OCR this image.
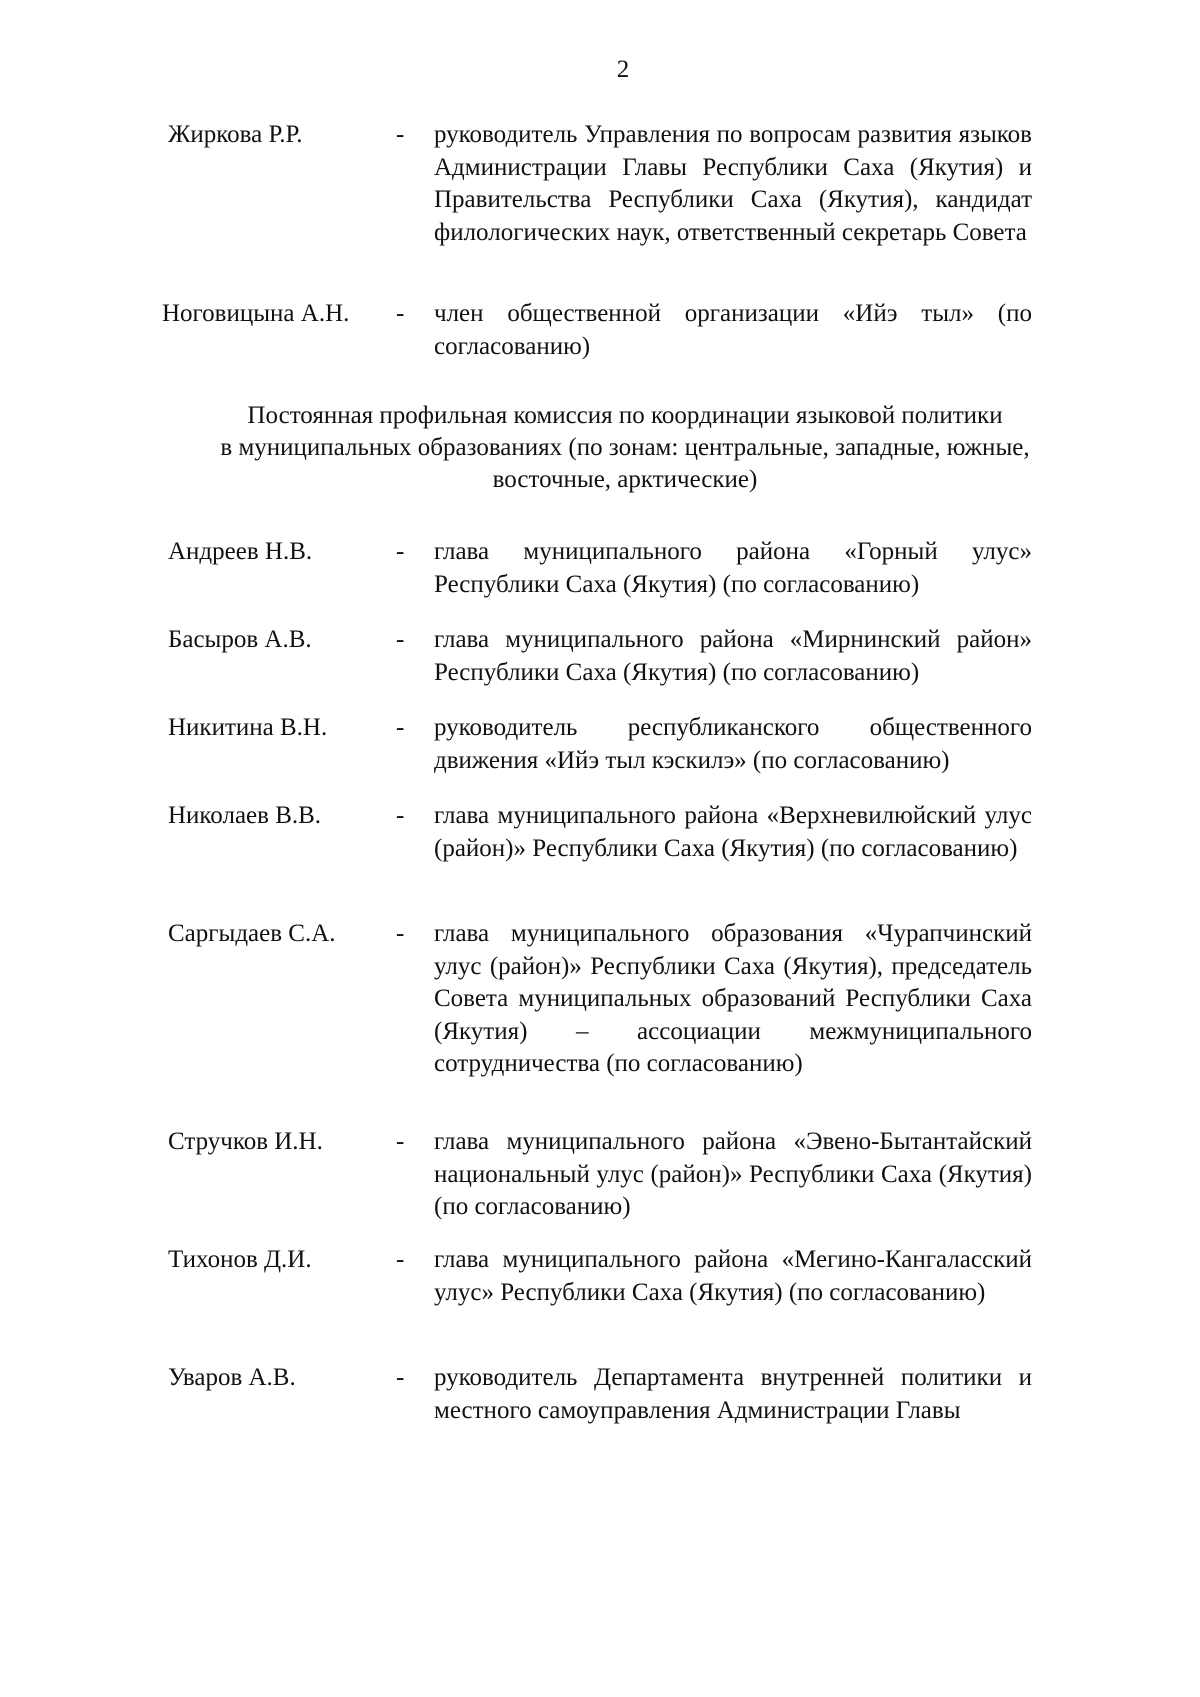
2
Жиркова Р.Р.	- руководитель Управления по вопросам развития языков Администрации Главы Республики Саха (Якутия) и Правительства Республики Саха (Якутия), кандидат филологических наук, ответственный секретарь Совета

Ноговицына А.Н. - член общественной организации «Ийэ тыл» (по согласованию)

Постоянная профильная комиссия по координации языковой политики
в муниципальных образованиях (по зонам: центральные, западные, южные,
восточные, арктические)
Андреев Н.В.	- глава муниципального района «Горный улус» Республики Саха (Якутия) (по согласованию)

Басыров А.В.	- глава муниципального района «Мирнинский район» Республики Саха (Якутия) (по согласованию)

Никитина В.Н.	- руководитель республиканского общественного движения «Ийэ тыл кэскилэ» (по согласованию)

Николаев В.В.	- глава муниципального района «Верхневилюйский улус (район)» Республики Саха (Якутия) (по согласованию)

Саргыдаев С.А. - глава муниципального образования «Чурапчинский улус (район)» Республики Саха (Якутия), председатель Совета муниципальных образований Республики Саха (Якутия) – ассоциации межмуниципального сотрудничества (по согласованию)

Стручков И.Н.	- глава муниципального района «Эвено-Бытантайский национальный улус (район)» Республики Саха (Якутия) (по согласованию)

Тихонов Д.И.	- глава муниципального района «Мегино-Кангаласский улус» Республики Саха (Якутия) (по согласованию)

Уваров А.В.	- руководитель Департамента внутренней политики и местного самоуправления Администрации Главы
